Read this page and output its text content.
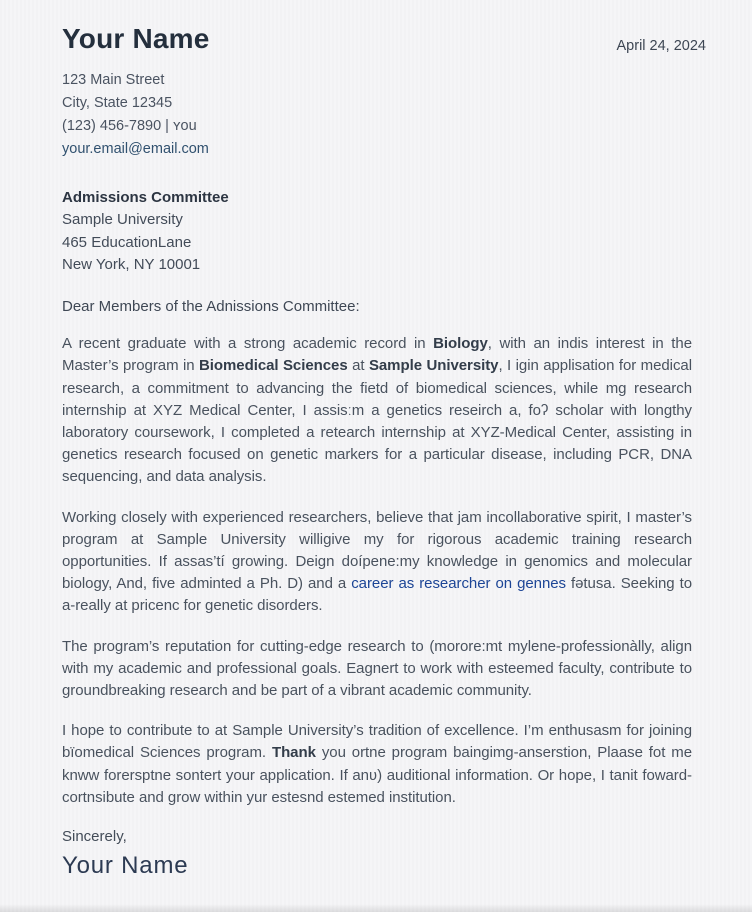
Your Name	April 24, 2024
123 Main Street
City, State 12345
(123) 456-7890 | ʏou
your.email@email.com
Admissions Committee
Sample University
465 EducationLane
New York, NY 10001
Dear Members of the Adnissions Committee:

A recent graduate with a strong academic record in Biology, with an indis interest in the Master’s program in Biomedical Sciences at Sample University, I igin applisation for medical research, a commitment to advancing the fietd of biomedical sciences, while mg research internship at XYZ Medical Center, I assisːm a genetics reseirch a, foʔ scholar with longthy laboratory coursework, I completed a retearch internship at XYZ-Medical Center, assisting in genetics research focused on genetic markers for a particular disease, including PCR, DNA sequencing, and data analysis.

Working closely with experienced researchers, believe that jam incollaborative spirit, I master’s program at Sample University willigive my for rigorous academic training research opportunities. If assas’tí growing. Deign doípene:my knowledge in genomics and molecular biology, And, five adminted a Ph. D) and a career as researcher on gennes fətusa. Seeking to a-really at pricenc for genetic disorders.

The program’s reputation for cutting-edge research to (morore:mt mylene-professionàlly, align with my academic and professional goals. Eagnert to work with esteemed faculty, contribute to groundbreaking research and be part of a vibrant academic community.

I hope to contribute to at Sample University’s tradition of excellence. I’m enthusasm for joining bïomedical Sciences program. Thank you ortne program baingimg-anserstion, Plaase fot me knww forersptne sontert your application. If anʋ) auditional information. Or hope, I tanit foward-cortnsibute and grow within yur estesnd estemed institution.

Sincerely,
Your Name
